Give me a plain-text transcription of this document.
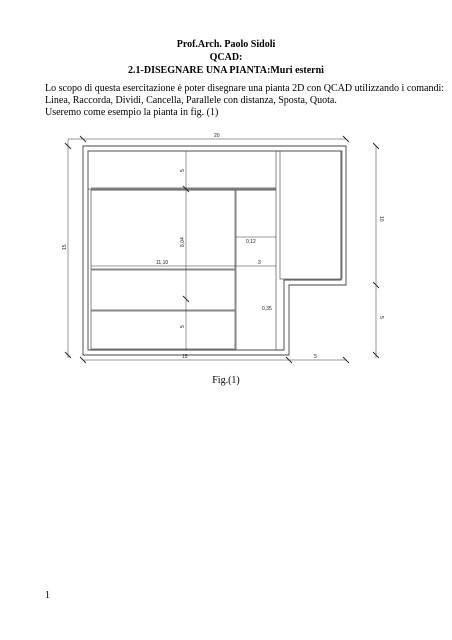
Prof.Arch. Paolo Sidoli
QCAD:
2.1-DISEGNARE UNA PIANTA:Muri esterni
Lo scopo di questa esercitazione è poter disegnare una pianta 2D con QCAD utilizzando i comandi:
Linea, Raccorda, Dividi, Cancella, Parallele con distanza, Sposta, Quota.
Useremo come esempio la pianta in fig. (1)
20
15
15	5
10
5
5
8,04
11,10
0,12
3
5
0,35
Fig.(1)
1
